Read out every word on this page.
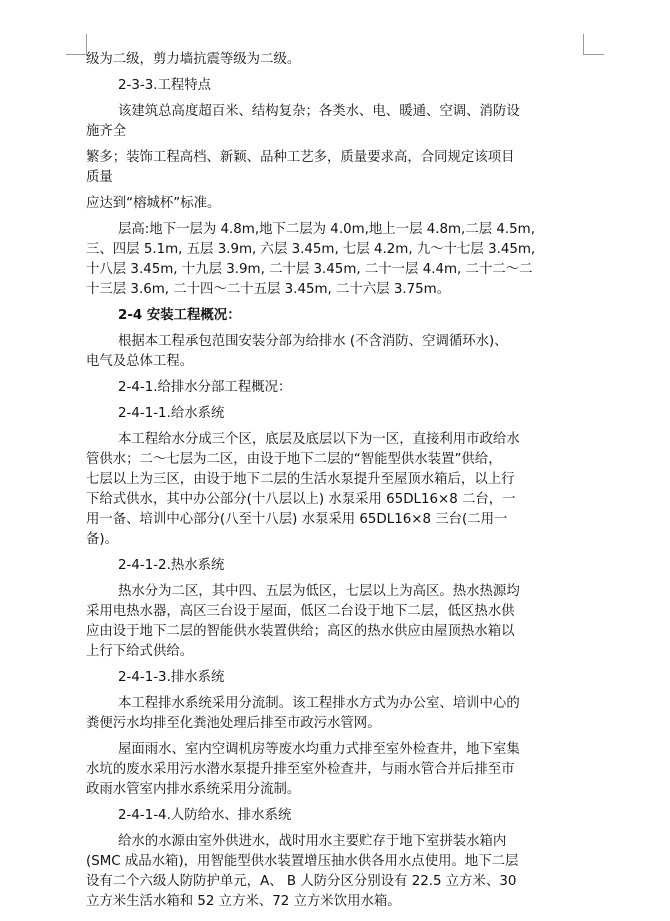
级为二级，剪力墙抗震等级为二级。
2-3-3.工程特点
该建筑总高度超百米、结构复杂；各类水、电、暖通、空调、消防设
施齐全
繁多；装饰工程高档、新颖、品种工艺多，质量要求高，合同规定该项目
质量
应达到“榕城杯”标准。
层高:地下一层为 4.8m,地下二层为 4.0m,地上一层 4.8m,二层 4.5m,
三、四层 5.1m, 五层 3.9m, 六层 3.45m, 七层 4.2m, 九～十七层 3.45m,
十八层 3.45m, 十九层 3.9m, 二十层 3.45m, 二十一层 4.4m, 二十二～二
十三层 3.6m, 二十四～二十五层 3.45m, 二十六层 3.75m。
2-4 安装工程概况：
根据本工程承包范围安装分部为给排水 (不含消防、空调循环水)、
电气及总体工程。
2-4-1.给排水分部工程概况：
2-4-1-1.给水系统
本工程给水分成三个区，底层及底层以下为一区，直接利用市政给水
管供水；二～七层为二区，由设于地下二层的“智能型供水装置”供给，
七层以上为三区，由设于地下二层的生活水泵提升至屋顶水箱后，以上行
下给式供水，其中办公部分(十八层以上) 水泵采用 65DL16×8 二台，一
用一备、培训中心部分(八至十八层) 水泵采用 65DL16×8 三台(二用一
备)。
2-4-1-2.热水系统
热水分为二区，其中四、五层为低区，七层以上为高区。热水热源均
采用电热水器，高区三台设于屋面，低区二台设于地下二层，低区热水供
应由设于地下二层的智能供水装置供给；高区的热水供应由屋顶热水箱以
上行下给式供给。
2-4-1-3.排水系统
本工程排水系统采用分流制。该工程排水方式为办公室、培训中心的
粪便污水均排至化粪池处理后排至市政污水管网。
屋面雨水、室内空调机房等废水均重力式排至室外检查井，地下室集
水坑的废水采用污水潜水泵提升排至室外检查井，与雨水管合并后排至市
政雨水管室内排水系统采用分流制。
2-4-1-4.人防给水、排水系统
给水的水源由室外供进水，战时用水主要贮存于地下室拼装水箱内
(SMC 成品水箱)，用智能型供水装置增压抽水供各用水点使用。地下二层
设有二个六级人防防护单元，A、 B 人防分区分别设有 22.5 立方米、30
立方米生活水箱和 52 立方米、72 立方米饮用水箱。
